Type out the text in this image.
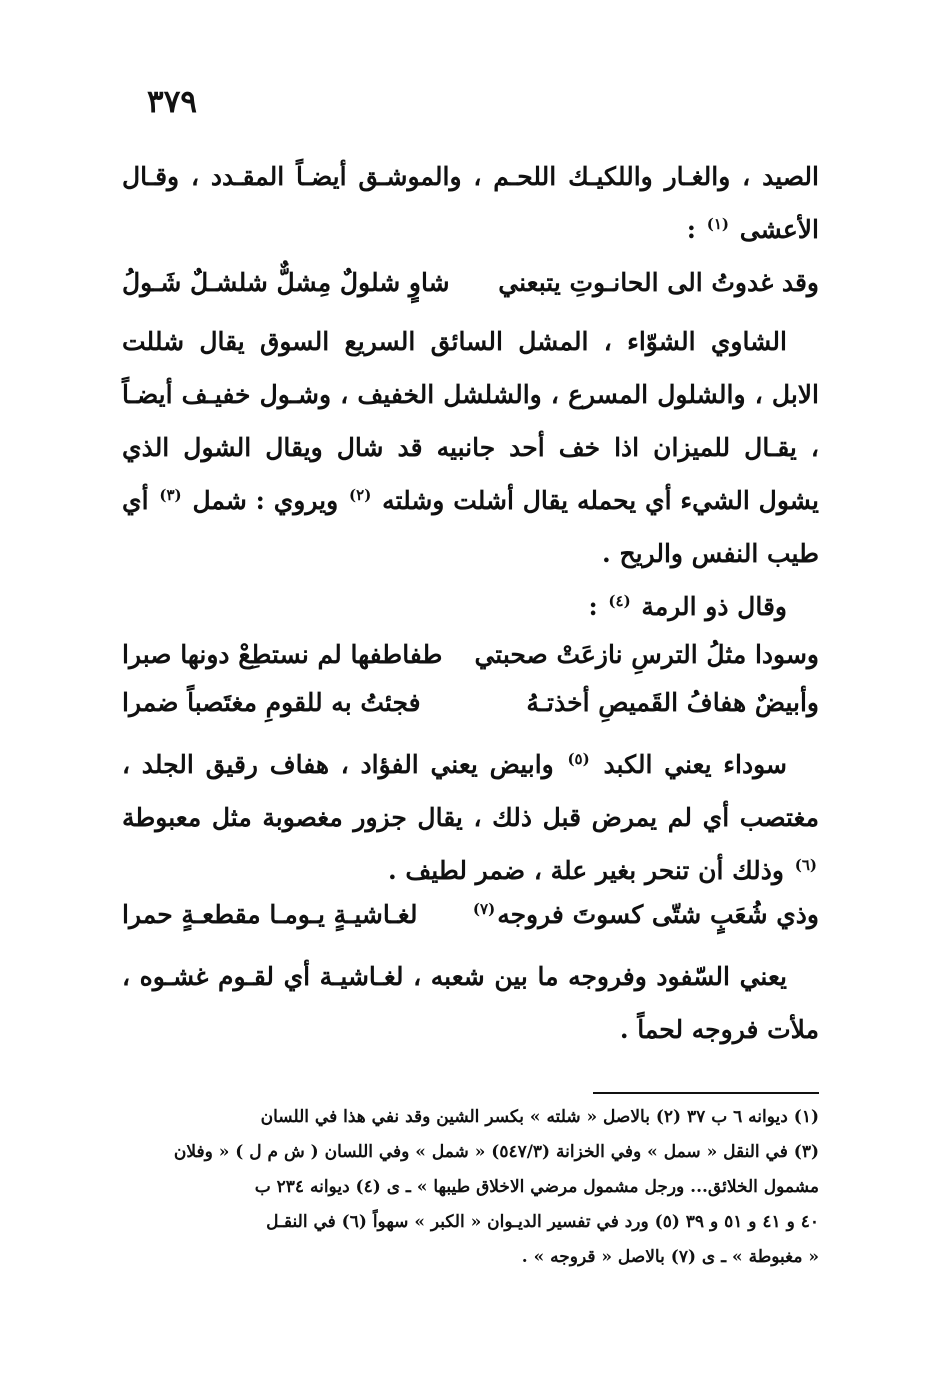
٣٧٩

الصيد ، والغـار واللكيـك اللحـم ، والموشـق أيضـاً المقـدد ، وقـال الأعشى $^{(١)}$ :

وقد غدوتُ الى الحانـوتِ يتبعني
شاوٍ شلولٌ مِشلٌّ شلشـلٌ شَـولُ

الشاوي الشوّاء ، المشل السائق السريع السوق يقال شللت الابل ، والشلول المسرع ، والشلشل الخفيف ، وشـول خفيـف أيضـاً ، يقـال للميزان اذا خف أحد جانبيه قد شال ويقال الشول الذي يشول الشيء أي يحمله يقال أشلت وشلته $^{(٢)}$ ويروي : شمل $^{(٣)}$ أي طيب النفس والريح .

وقال ذو الرمة $^{(٤)}$ :

وسودا مثلُ الترسِ نازعَتْ صحبتي
طفاطفها لم نستطِعْ دونها صبرا
وأبيضٌ هفافُ القَميصِ أخذتـهُ
فجئتُ به للقومِ مغتَصباً ضمرا

سوداء يعني الكبد $^{(٥)}$ وابيض يعني الفؤاد ، هفاف رقيق الجلد ، مغتصب أي لم يمرض قبل ذلك ، يقال جزور مغصوبة مثل معبوطة $^{(٦)}$ وذلك أن تنحر بغير علة ، ضمر لطيف .

وذي شُعَبٍ شتّى كسوتَ فروجه$^{(٧)}$
لغـاشيـةٍ يـومـا مقطعـةٍ حمرا

يعني السّفود وفروجه ما بين شعبه ، لغـاشيـة أي لقـوم غشـوه ، ملأت فروجه لحماً .

(١) ديوانه ٦ ب ٣٧ (٢) بالاصل « شلته » بكسر الشين وقد نفي هذا في اللسان

(٣) في النقل « سمل » وفي الخزانة (٥٤٧/٣) « شمل » وفي اللسان ( ش م ل ) « وفلان

مشمول الخلائق... ورجل مشمول مرضي الاخلاق طيبها » ـ ى (٤) ديوانه ٢٣٤ ب

٤٠ و ٤١ و ٥١ و ٣٩ (٥) ورد في تفسير الديـوان « الكبر » سهواً (٦) في النقـل

« مغبوطة » ـ ى (٧) بالاصل « قروجه » .
